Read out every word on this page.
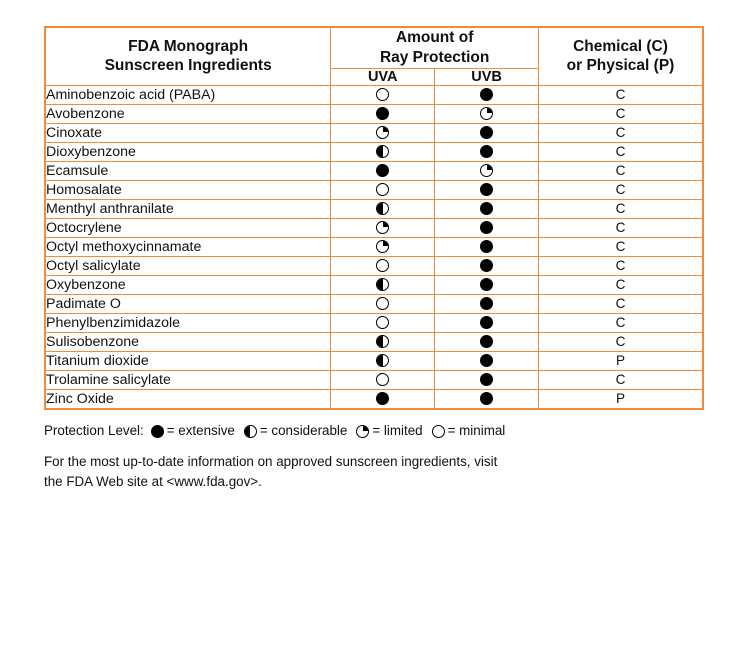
FDA Monograph
Sunscreen Ingredients

Amount of
Ray Protection

Chemical (C)
or Physical (P)

	UVA	UVB	
Aminobenzoic acid (PABA)			C
Avobenzone			C
Cinoxate			C
Dioxybenzone			C
Ecamsule			C
Homosalate			C
Menthyl anthranilate			C
Octocrylene			C
Octyl methoxycinnamate			C
Octyl salicylate			C
Oxybenzone			C
Padimate O			C
Phenylbenzimidazole			C
Sulisobenzone			C
Titanium dioxide			P
Trolamine salicylate			C
Zinc Oxide			P
Protection Level: = extensive = considerable = limited = minimal
For the most up-to-date information on approved sunscreen ingredients, visit
the FDA Web site at <www.fda.gov>.
